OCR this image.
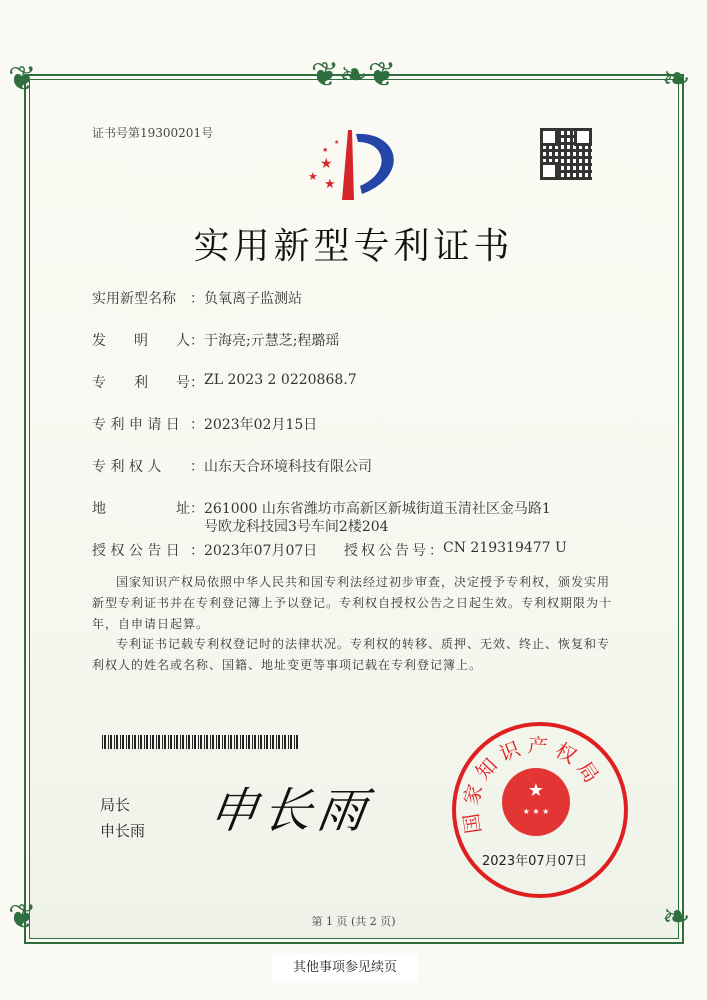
❦❧❦
❦	❧
❦	❧
证书号第19300201号
★
★
★
★
★
实用新型专利证书
实用新型名称	： 负氧离子监测站
发　　明　　人 ： 于海亮;亓慧芝;程璐瑶
专　　利　　号 ： ZL 2023 2 0220868.7
专 利 申 请 日 ： 2023年02月15日
专 利 权 人	： 山东天合环境科技有限公司
地　　　　　址 ： 261000 山东省潍坊市高新区新城街道玉清社区金马路1
号欧龙科技园3号车间2楼204
授 权 公 告 日 ： 2023年07月07日	授权公告号 ： CN 219319477 U
国家知识产权局依照中华人民共和国专利法经过初步审查，决定授予专利权，颁发实用新型专利证书并在专利登记簿上予以登记。专利权自授权公告之日起生效。专利权期限为十年，自申请日起算。
专利证书记载专利权登记时的法律状况。专利权的转移、质押、无效、终止、恢复和专利权人的姓名或名称、国籍、地址变更等事项记载在专利登记簿上。
局长
申长雨 申长雨	国家知识产权局
★
★ ★ ★
2023年07月07日
第 1 页 (共 2 页)
其他事项参见续页
